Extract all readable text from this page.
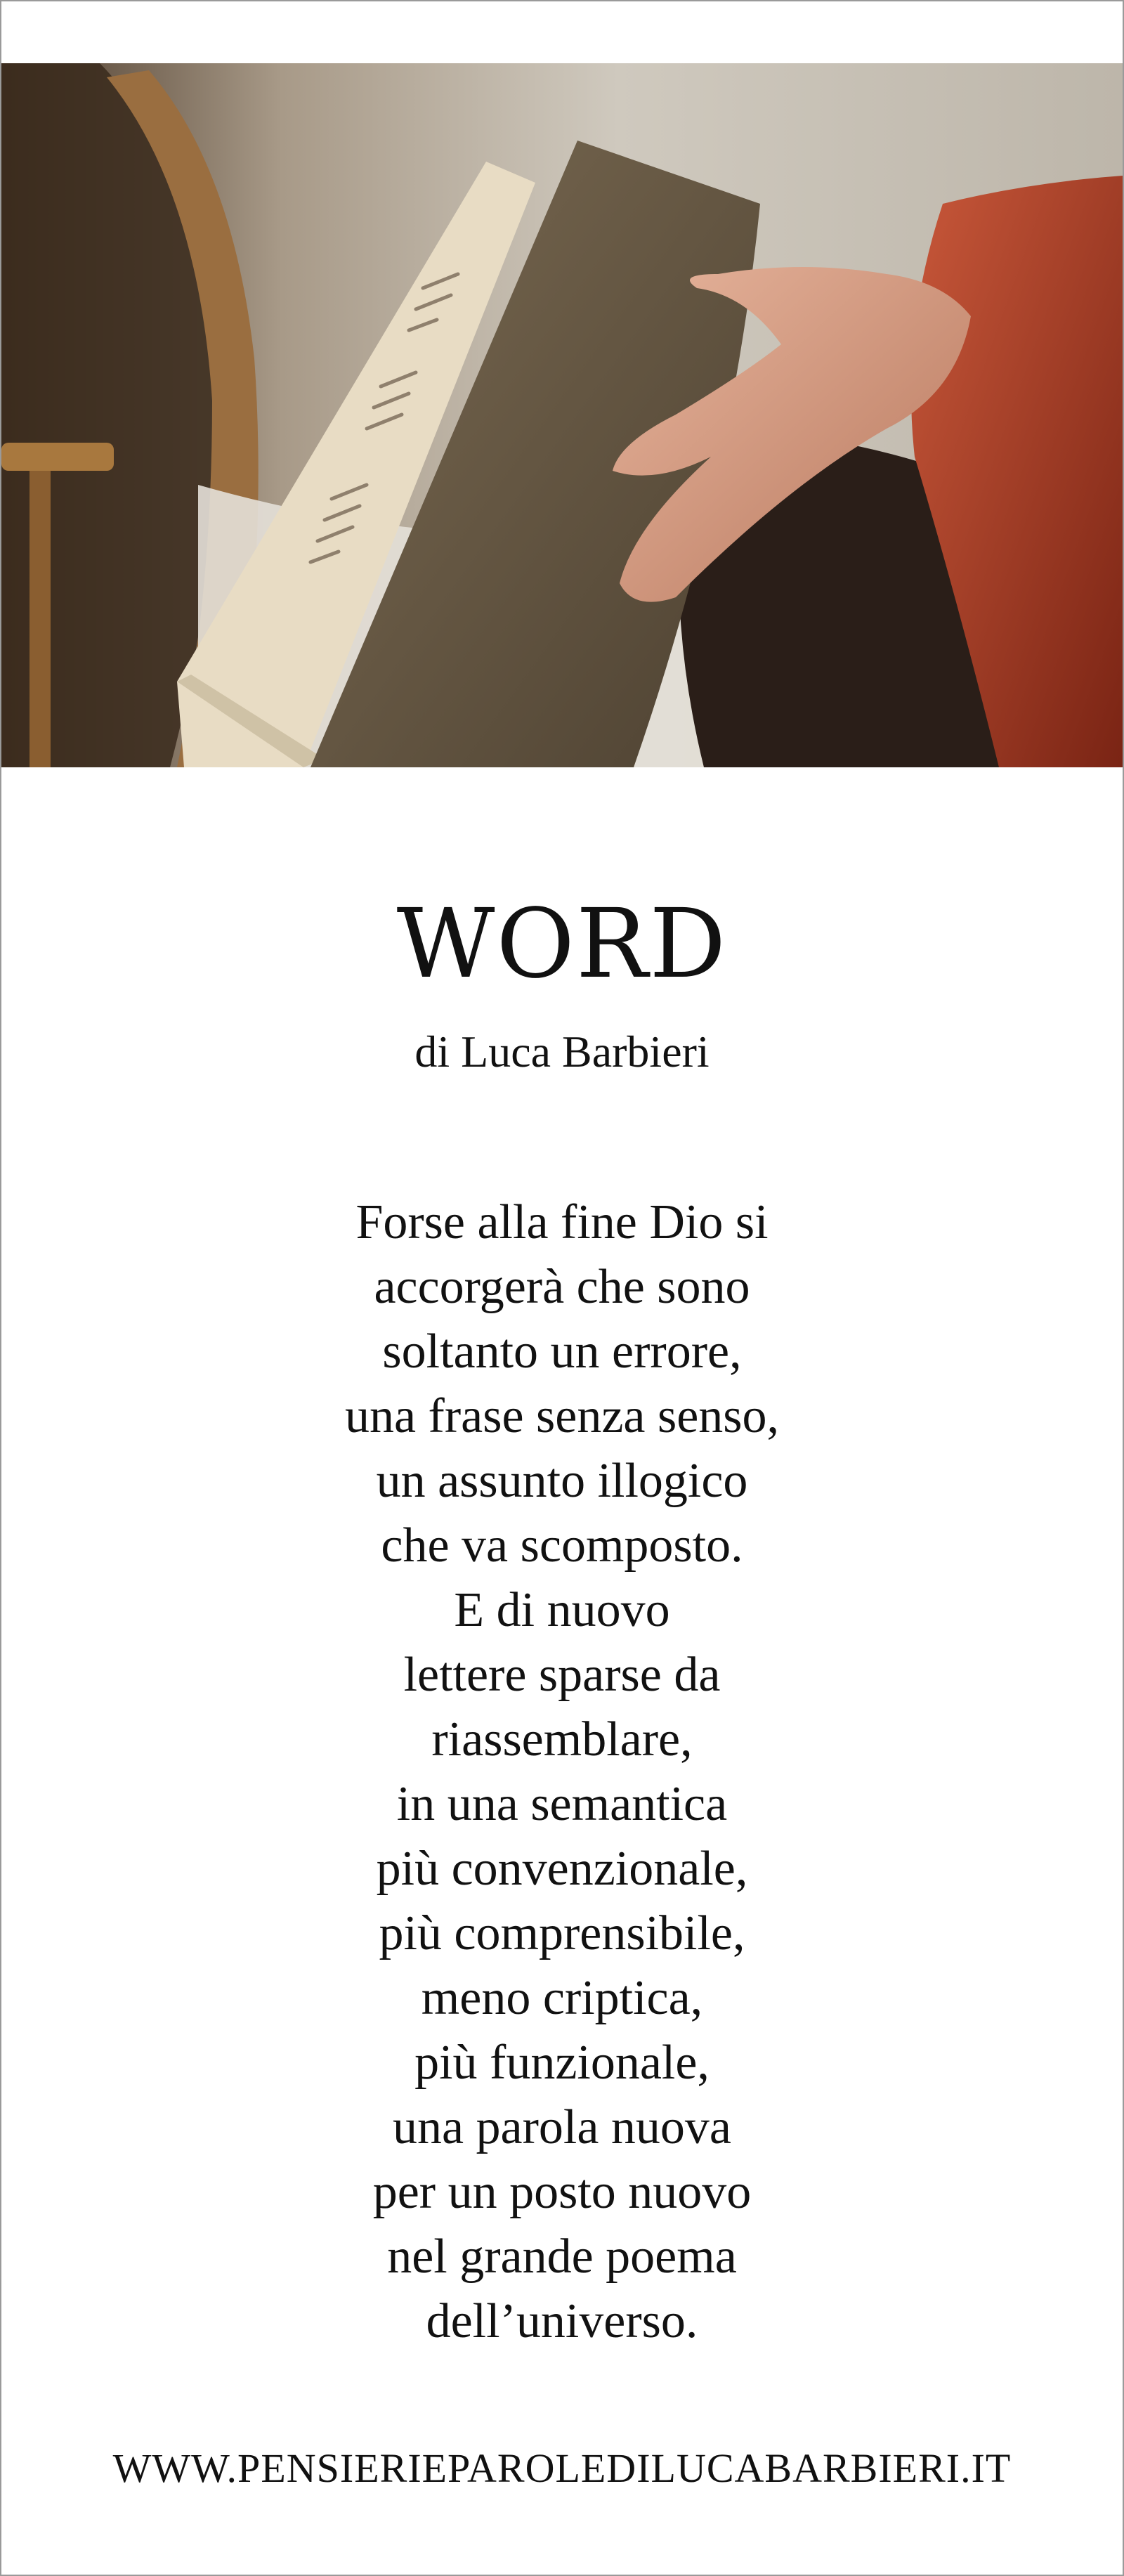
WORD

di Luca Barbieri

Forse alla fine Dio si
accorgerà che sono
soltanto un errore,
una frase senza senso,
un assunto illogico
che va scomposto.
E di nuovo
lettere sparse da
riassemblare,
in una semantica
più convenzionale,
più comprensibile,
meno criptica,
più funzionale,
una parola nuova
per un posto nuovo
nel grande poema
dell’universo.

WWW.PENSIERIEPAROLEDILUCABARBIERI.IT
